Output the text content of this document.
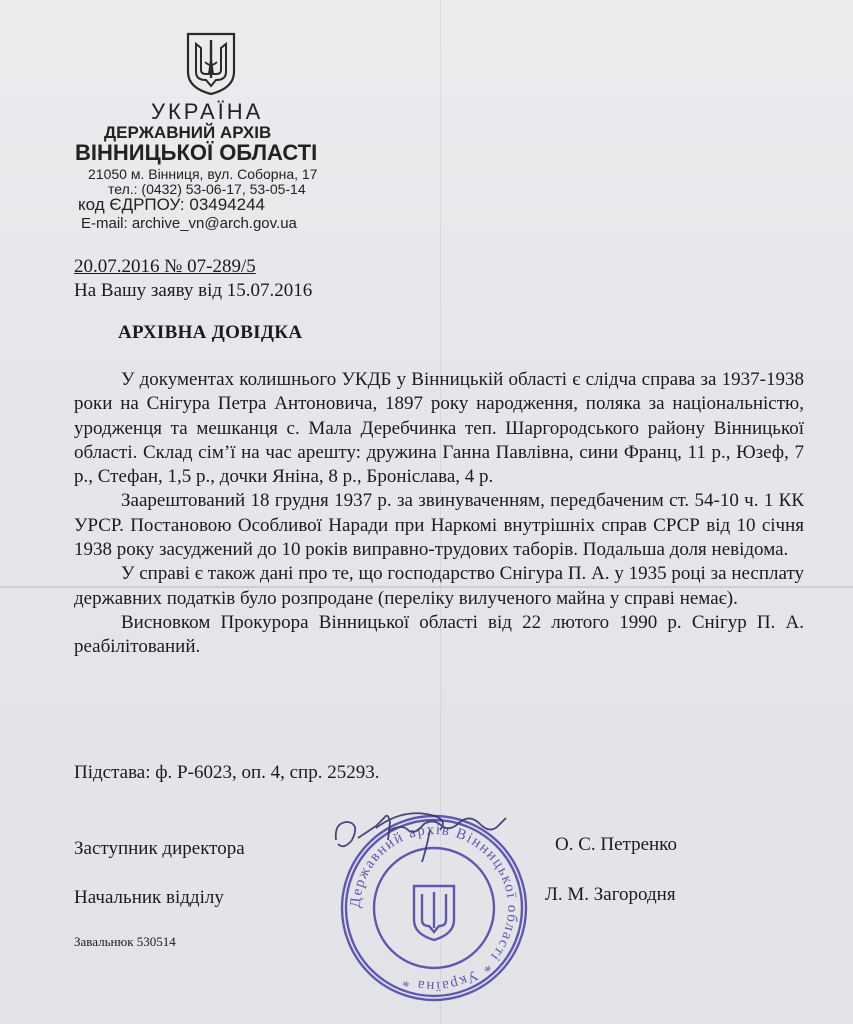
УКРАЇНА
ДЕРЖАВНИЙ АРХІВ
ВІННИЦЬКОЇ ОБЛАСТІ
21050 м. Вінниця, вул. Соборна, 17
тел.: (0432) 53-06-17, 53-05-14
код ЄДРПОУ: 03494244
E-mail: archive_vn@arch.gov.ua
20.07.2016 № 07-289/5
На Вашу заяву від 15.07.2016
АРХІВНА ДОВІДКА

У документах колишнього УКДБ у Вінницькій області є слідча справа за 1937-1938 роки на Снігура Петра Антоновича, 1897 року народження, поляка за національністю, уродженця та мешканця с. Мала Деребчинка теп. Шаргородського району Вінницької області. Склад сім’ї на час арешту: дружина Ганна Павлівна, сини Франц, 11 р., Юзеф, 7 р., Стефан, 1,5 р., дочки Яніна, 8 р., Броніслава, 4 р.

Заарештований 18 грудня 1937 р. за звинуваченням, передбаченим ст. 54-10 ч. 1 КК УРСР. Постановою Особливої Наради при Наркомі внутрішніх справ СРСР від 10 січня 1938 року засуджений до 10 років виправно-трудових таборів. Подальша доля невідома.

У справі є також дані про те, що господарство Снігура П. А. у 1935 році за несплату державних податків було розпродане (переліку вилученого майна у справі немає).

Висновком Прокурора Вінницької області від 22 лютого 1990 р. Снігур П. А. реабілітований.

Підстава: ф. Р-6023, оп. 4, спр. 25293.
Заступник директора	О. С. Петренко
Начальник відділу	Л. М. Загородня
Завальнюк 530514
Державний архів Вінницької області * Україна *
